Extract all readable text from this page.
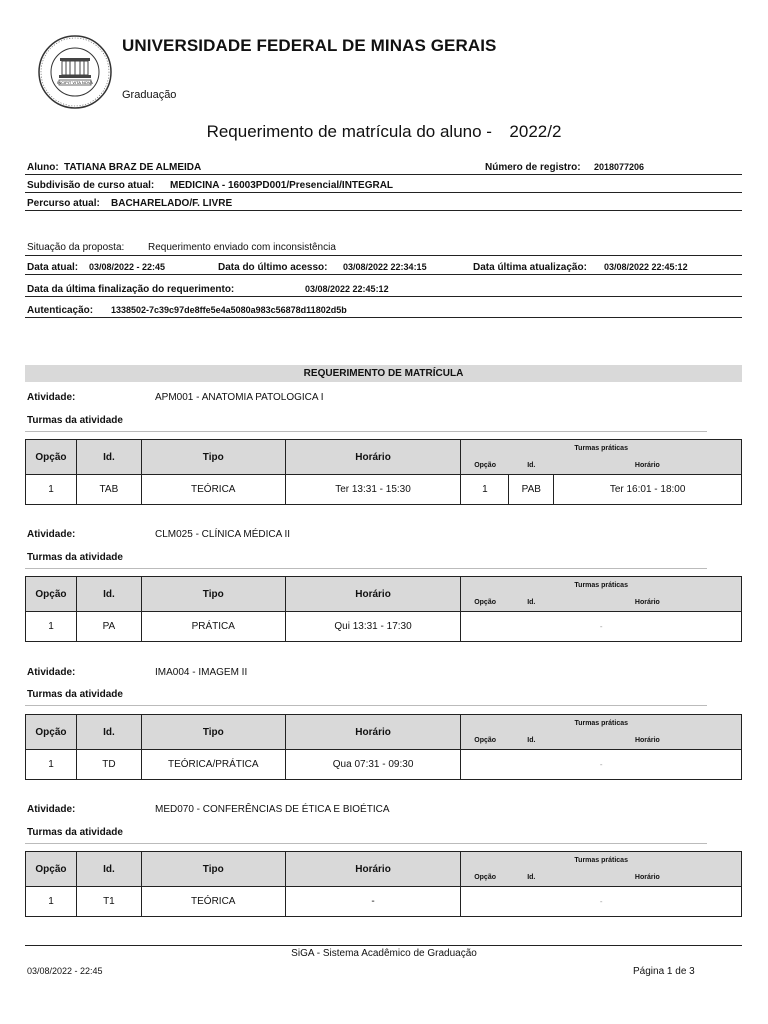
INCIPIT VITA NOVA
UNIVERSIDADE FEDERAL DE MINAS GERAIS
Graduação
Requerimento de matrícula do aluno - 2022/2
Aluno: TATIANA BRAZ DE ALMEIDA	Número de registro: 2018077206
Subdivisão de curso atual: MEDICINA - 16003PD001/Presencial/INTEGRAL
Percurso atual: BACHARELADO/F. LIVRE
Situação da proposta: Requerimento enviado com inconsistência
Data atual: 03/08/2022 - 22:45	Data do último acesso: 03/08/2022 22:34:15	Data última atualização: 03/08/2022 22:45:12
Data da última finalização do requerimento:	03/08/2022 22:45:12
Autenticação: 1338502-7c39c97de8ffe5e4a5080a983c56878d11802d5b
REQUERIMENTO DE MATRÍCULA
Atividade:	APM001 - ANATOMIA PATOLOGICA I
Turmas da atividade
Opção	Id.	Tipo	Horário	Turmas práticas		
				Opção	Id.	Horário
1	TAB	TEÓRICA	Ter 13:31 - 15:30	1	PAB	Ter 16:01 - 18:00
Atividade:	CLM025 - CLÍNICA MÉDICA II
Turmas da atividade
Opção	Id.	Tipo	Horário	Turmas práticas		
				Opção	Id.	Horário
1	PA	PRÁTICA	Qui 13:31 - 17:30	-		
Atividade:	IMA004 - IMAGEM II
Turmas da atividade
Opção	Id.	Tipo	Horário	Turmas práticas		
				Opção	Id.	Horário
1	TD	TEÓRICA/PRÁTICA	Qua 07:31 - 09:30	-		
Atividade:	MED070 - CONFERÊNCIAS DE ÉTICA E BIOÉTICA
Turmas da atividade
Opção	Id.	Tipo	Horário	Turmas práticas		
				Opção	Id.	Horário
1	T1	TEÓRICA	-	-		
SiGA - Sistema Acadêmico de Graduação
03/08/2022 - 22:45	Página 1 de 3
